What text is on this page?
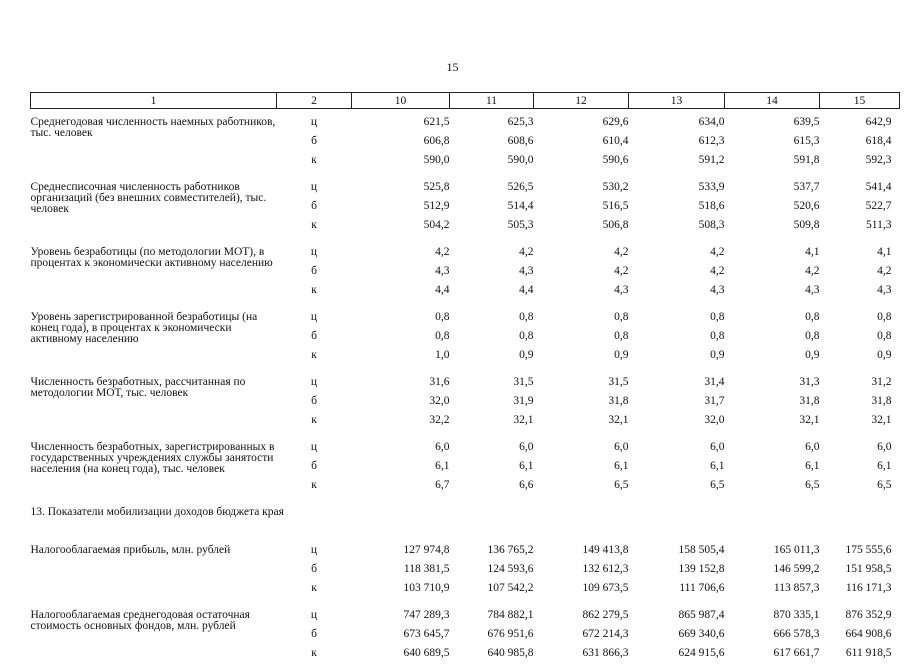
15
1	2	10	11	12	13	14	15
Среднегодовая численность наемных работников, тыс. человек	ц	621,5	625,3	629,6	634,0	639,5	642,9
	б	606,8	608,6	610,4	612,3	615,3	618,4
	к	590,0	590,0	590,6	591,2	591,8	592,3
Среднесписочная численность работников организаций (без внешних совместителей), тыс. человек	ц	525,8	526,5	530,2	533,9	537,7	541,4
	б	512,9	514,4	516,5	518,6	520,6	522,7
	к	504,2	505,3	506,8	508,3	509,8	511,3
Уровень безработицы (по методологии МОТ), в процентах к экономически активному населению	ц	4,2	4,2	4,2	4,2	4,1	4,1
	б	4,3	4,3	4,2	4,2	4,2	4,2
	к	4,4	4,4	4,3	4,3	4,3	4,3
Уровень зарегистрированной безработицы (на конец года), в процентах к экономически активному населению	ц	0,8	0,8	0,8	0,8	0,8	0,8
	б	0,8	0,8	0,8	0,8	0,8	0,8
	к	1,0	0,9	0,9	0,9	0,9	0,9
Численность безработных, рассчитанная по методологии МОТ, тыс. человек	ц	31,6	31,5	31,5	31,4	31,3	31,2
	б	32,0	31,9	31,8	31,7	31,8	31,8
	к	32,2	32,1	32,1	32,0	32,1	32,1
Численность безработных, зарегистрированных в государственных учреждениях службы занятости населения (на конец года), тыс. человек	ц	6,0	6,0	6,0	6,0	6,0	6,0
	б	6,1	6,1	6,1	6,1	6,1	6,1
	к	6,7	6,6	6,5	6,5	6,5	6,5
13. Показатели мобилизации доходов бюджета края							
Налогооблагаемая прибыль, млн. рублей	ц	127 974,8	136 765,2	149 413,8	158 505,4	165 011,3	175 555,6
	б	118 381,5	124 593,6	132 612,3	139 152,8	146 599,2	151 958,5
	к	103 710,9	107 542,2	109 673,5	111 706,6	113 857,3	116 171,3
Налогооблагаемая среднегодовая остаточная стоимость основных фондов, млн. рублей	ц	747 289,3	784 882,1	862 279,5	865 987,4	870 335,1	876 352,9
	б	673 645,7	676 951,6	672 214,3	669 340,6	666 578,3	664 908,6
	к	640 689,5	640 985,8	631 866,3	624 915,6	617 661,7	611 918,5
